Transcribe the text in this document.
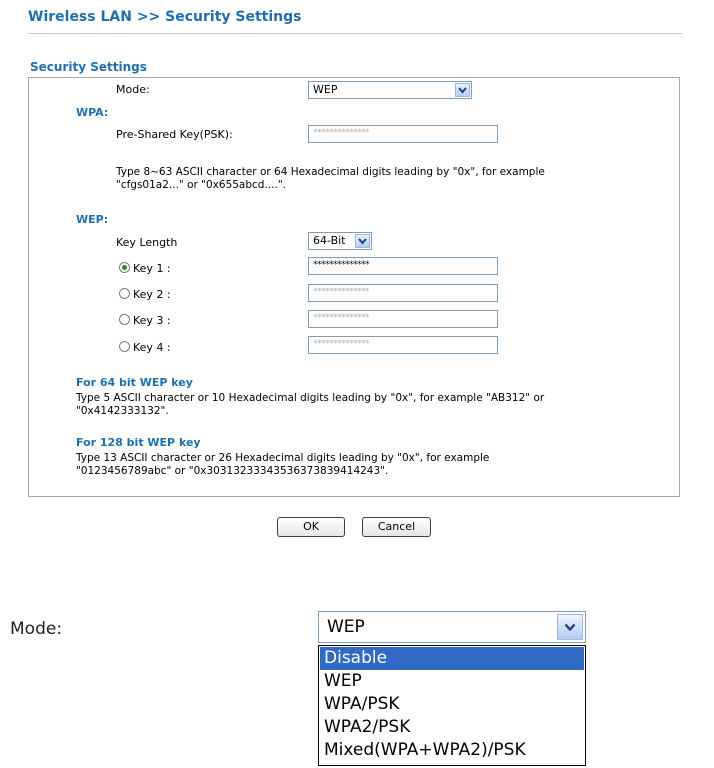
Wireless LAN >> Security Settings
Security Settings
Mode:	WEP
WPA:
Pre-Shared Key(PSK):	**************
Type 8~63 ASCII character or 64 Hexadecimal digits leading by "0x", for example
"cfgs01a2..." or "0x655abcd....".
WEP:
Key Length	64-Bit
Key 1 :	**************
Key 2 :	**************
Key 3 :	**************
Key 4 :	**************
For 64 bit WEP key
Type 5 ASCII character or 10 Hexadecimal digits leading by "0x", for example "AB312" or
"0x4142333132".
For 128 bit WEP key
Type 13 ASCII character or 26 Hexadecimal digits leading by "0x", for example
"0123456789abc" or "0x30313233343536373839414243".
OK	Cancel
Mode:	WEP
Disable
WEP
WPA/PSK
WPA2/PSK
Mixed(WPA+WPA2)/PSK
